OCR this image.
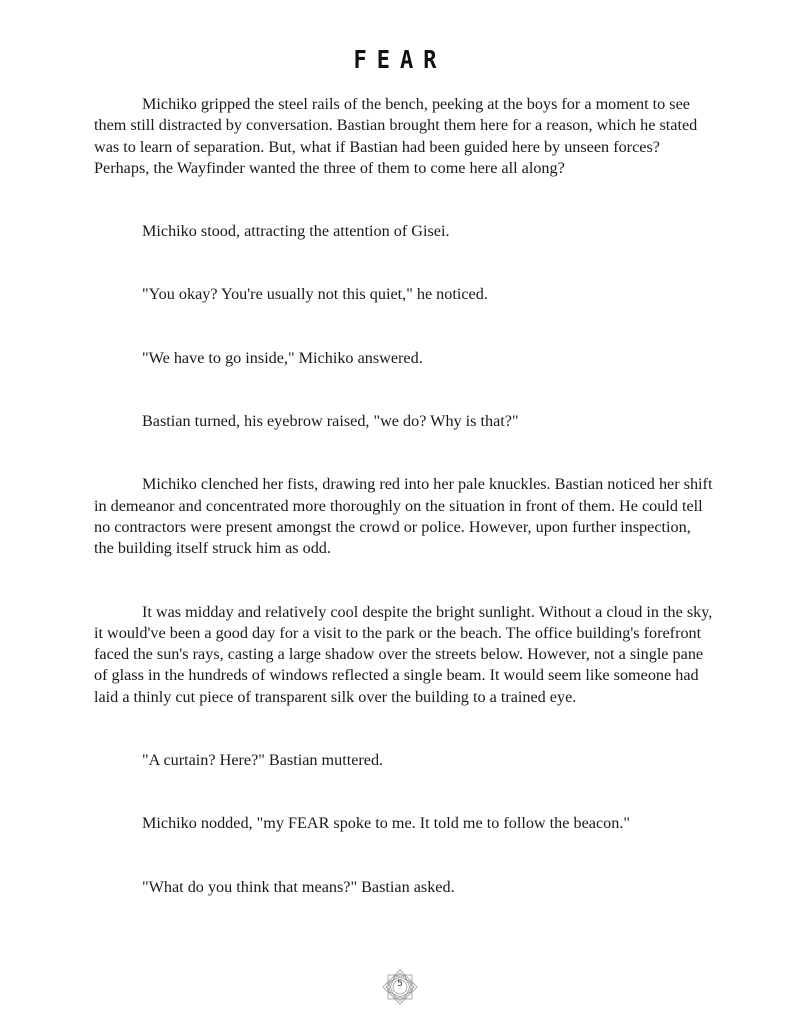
FEAR

Michiko gripped the steel rails of the bench, peeking at the boys for a moment to see them still distracted by conversation. Bastian brought them here for a reason, which he stated was to learn of separation. But, what if Bastian had been guided here by unseen forces? Perhaps, the Wayfinder wanted the three of them to come here all along?

Michiko stood, attracting the attention of Gisei.

"You okay? You're usually not this quiet," he noticed.

"We have to go inside," Michiko answered.

Bastian turned, his eyebrow raised, "we do? Why is that?"

Michiko clenched her fists, drawing red into her pale knuckles. Bastian noticed her shift in demeanor and concentrated more thoroughly on the situation in front of them. He could tell no contractors were present amongst the crowd or police. However, upon further inspection, the building itself struck him as odd.

It was midday and relatively cool despite the bright sunlight. Without a cloud in the sky, it would've been a good day for a visit to the park or the beach. The office building's forefront faced the sun's rays, casting a large shadow over the streets below. However, not a single pane of glass in the hundreds of windows reflected a single beam. It would seem like someone had laid a thinly cut piece of transparent silk over the building to a trained eye.

"A curtain? Here?" Bastian muttered.

Michiko nodded, "my FEAR spoke to me. It told me to follow the beacon."

"What do you think that means?" Bastian asked.

5
